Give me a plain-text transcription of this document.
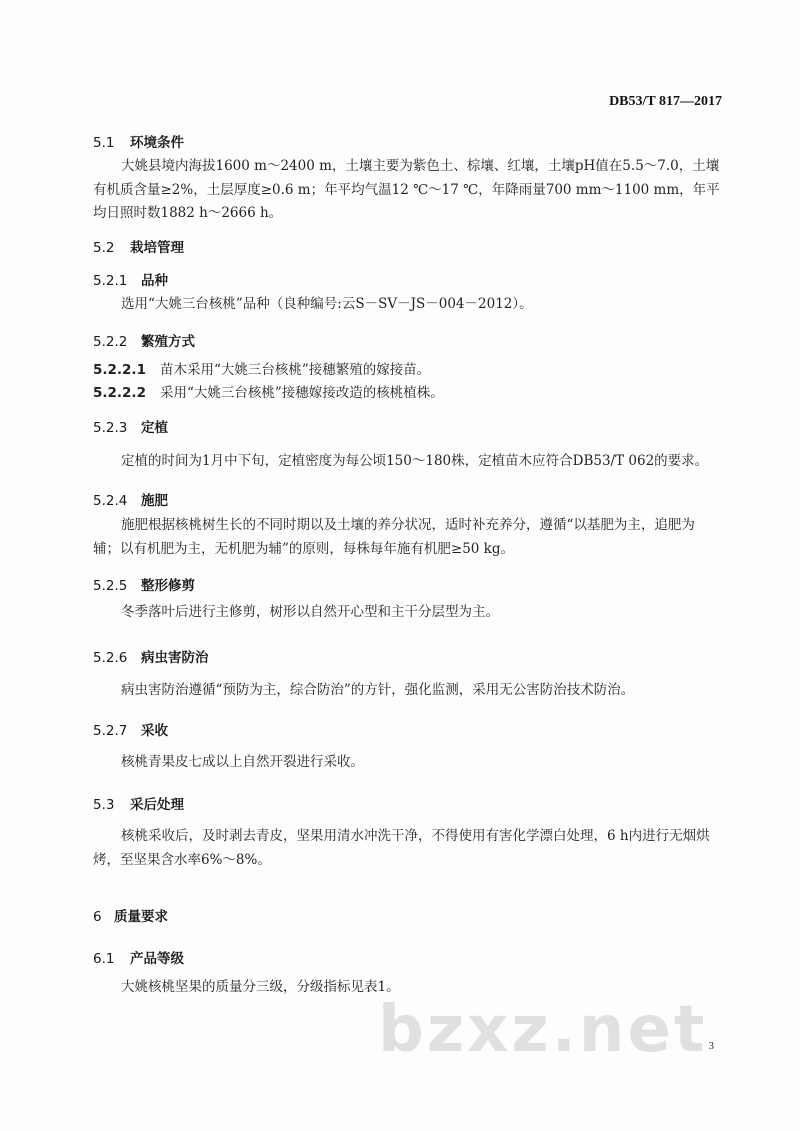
DB53/T 817—2017
5.1 环境条件
大姚县境内海拔1600 m～2400 m，土壤主要为紫色土、棕壤、红壤，土壤pH值在5.5～7.0，土壤有机质含量≥2%，土层厚度≥0.6 m；年平均气温12 ℃～17 ℃，年降雨量700 mm～1100 mm，年平均日照时数1882 h～2666 h。
5.2 栽培管理
5.2.1 品种
选用“大姚三台核桃”品种（良种编号:云S－SV－JS－004－2012）。
5.2.2 繁殖方式
5.2.2.1 苗木采用“大姚三台核桃”接穗繁殖的嫁接苗。
5.2.2.2 采用“大姚三台核桃”接穗嫁接改造的核桃植株。
5.2.3 定植
定植的时间为1月中下旬，定植密度为每公顷150～180株，定植苗木应符合DB53/T 062的要求。
5.2.4 施肥
施肥根据核桃树生长的不同时期以及土壤的养分状况，适时补充养分，遵循“以基肥为主，追肥为辅；以有机肥为主，无机肥为辅”的原则，每株每年施有机肥≥50 kg。
5.2.5 整形修剪
冬季落叶后进行主修剪，树形以自然开心型和主干分层型为主。
5.2.6 病虫害防治
病虫害防治遵循“预防为主，综合防治”的方针，强化监测，采用无公害防治技术防治。
5.2.7 采收
核桃青果皮七成以上自然开裂进行采收。
5.3 采后处理
核桃采收后，及时剥去青皮，坚果用清水冲洗干净，不得使用有害化学漂白处理，6 h内进行无烟烘烤，至坚果含水率6%～8%。
6 质量要求
6.1 产品等级
大姚核桃坚果的质量分三级，分级指标见表1。
bzxz.net 3
